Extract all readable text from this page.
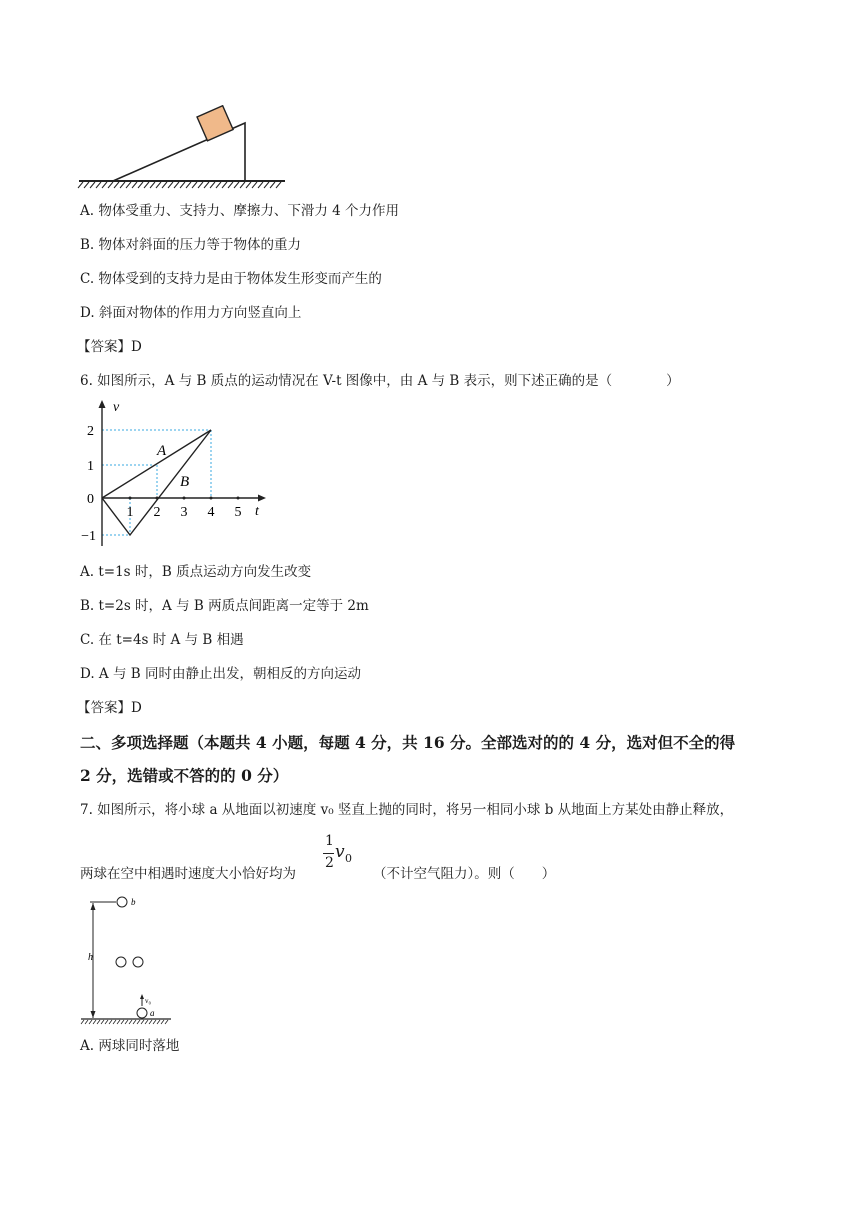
A. 物体受重力、支持力、摩擦力、下滑力 4 个力作用
B. 物体对斜面的压力等于物体的重力
C. 物体受到的支持力是由于物体发生形变而产生的
D. 斜面对物体的作用力方向竖直向上
【答案】D
6. 如图所示，A 与 B 质点的运动情况在 V-t 图像中，由 A 与 B 表示，则下述正确的是（　　　　）
v
t
2
1
0
−1
1 2 3 4 5
A
B
A. t=1s 时，B 质点运动方向发生改变
B. t=2s 时，A 与 B 两质点间距离一定等于 2m
C. 在 t=4s 时 A 与 B 相遇
D. A 与 B 同时由静止出发，朝相反的方向运动
【答案】D
二、多项选择题（本题共 4 小题，每题 4 分，共 16 分。全部选对的的 4 分，选对但不全的得
2 分，选错或不答的的 0 分）
7. 如图所示，将小球 a 从地面以初速度 v₀ 竖直上抛的同时，将另一相同小球 b 从地面上方某处由静止释放，
两球在空中相遇时速度大小恰好均为
1
2
v 0
（不计空气阻力）。则（　　）
h
b
v₀
a
A. 两球同时落地
